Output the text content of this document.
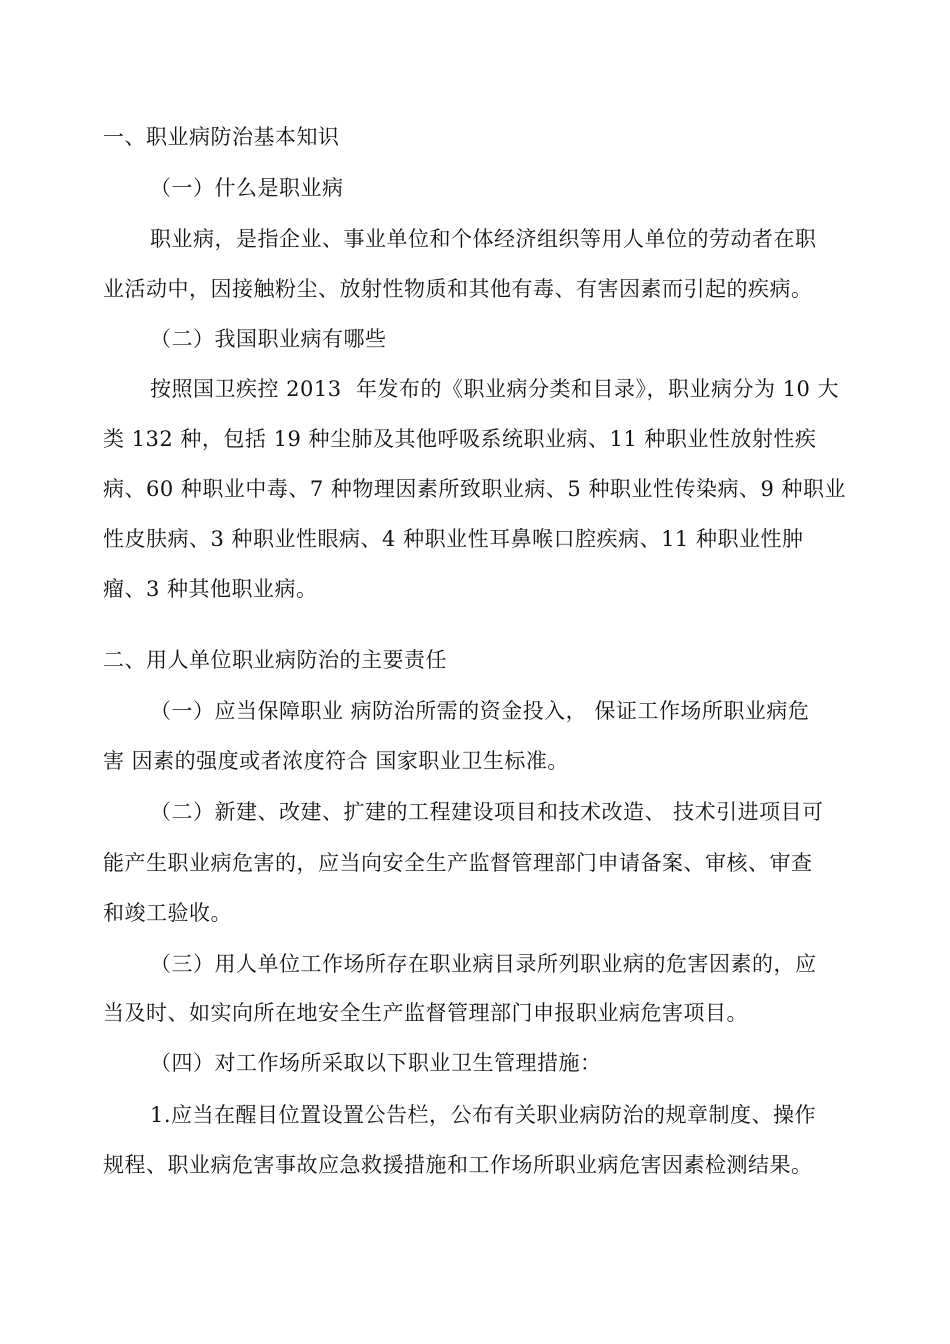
一、职业病防治基本知识
（一）什么是职业病
职业病，是指企业、事业单位和个体经济组织等用人单位的劳动者在职
业活动中，因接触粉尘、放射性物质和其他有毒、有害因素而引起的疾病。
（二）我国职业病有哪些
按照国卫疾控 2013  年发布的《职业病分类和目录》，职业病分为 10 大
类 132 种，包括 19 种尘肺及其他呼吸系统职业病、11 种职业性放射性疾
病、60 种职业中毒、7 种物理因素所致职业病、5 种职业性传染病、9 种职业
性皮肤病、3 种职业性眼病、4 种职业性耳鼻喉口腔疾病、11 种职业性肿
瘤、3 种其他职业病。
二、用人单位职业病防治的主要责任
（一）应当保障职业 病防治所需的资金投入， 保证工作场所职业病危
害 因素的强度或者浓度符合 国家职业卫生标准。
（二）新建、改建、扩建的工程建设项目和技术改造、 技术引进项目可
能产生职业病危害的，应当向安全生产监督管理部门申请备案、审核、审查
和竣工验收。
（三）用人单位工作场所存在职业病目录所列职业病的危害因素的，应
当及时、如实向所在地安全生产监督管理部门申报职业病危害项目。
（四）对工作场所采取以下职业卫生管理措施：
1.应当在醒目位置设置公告栏，公布有关职业病防治的规章制度、操作
规程、职业病危害事故应急救援措施和工作场所职业病危害因素检测结果。
